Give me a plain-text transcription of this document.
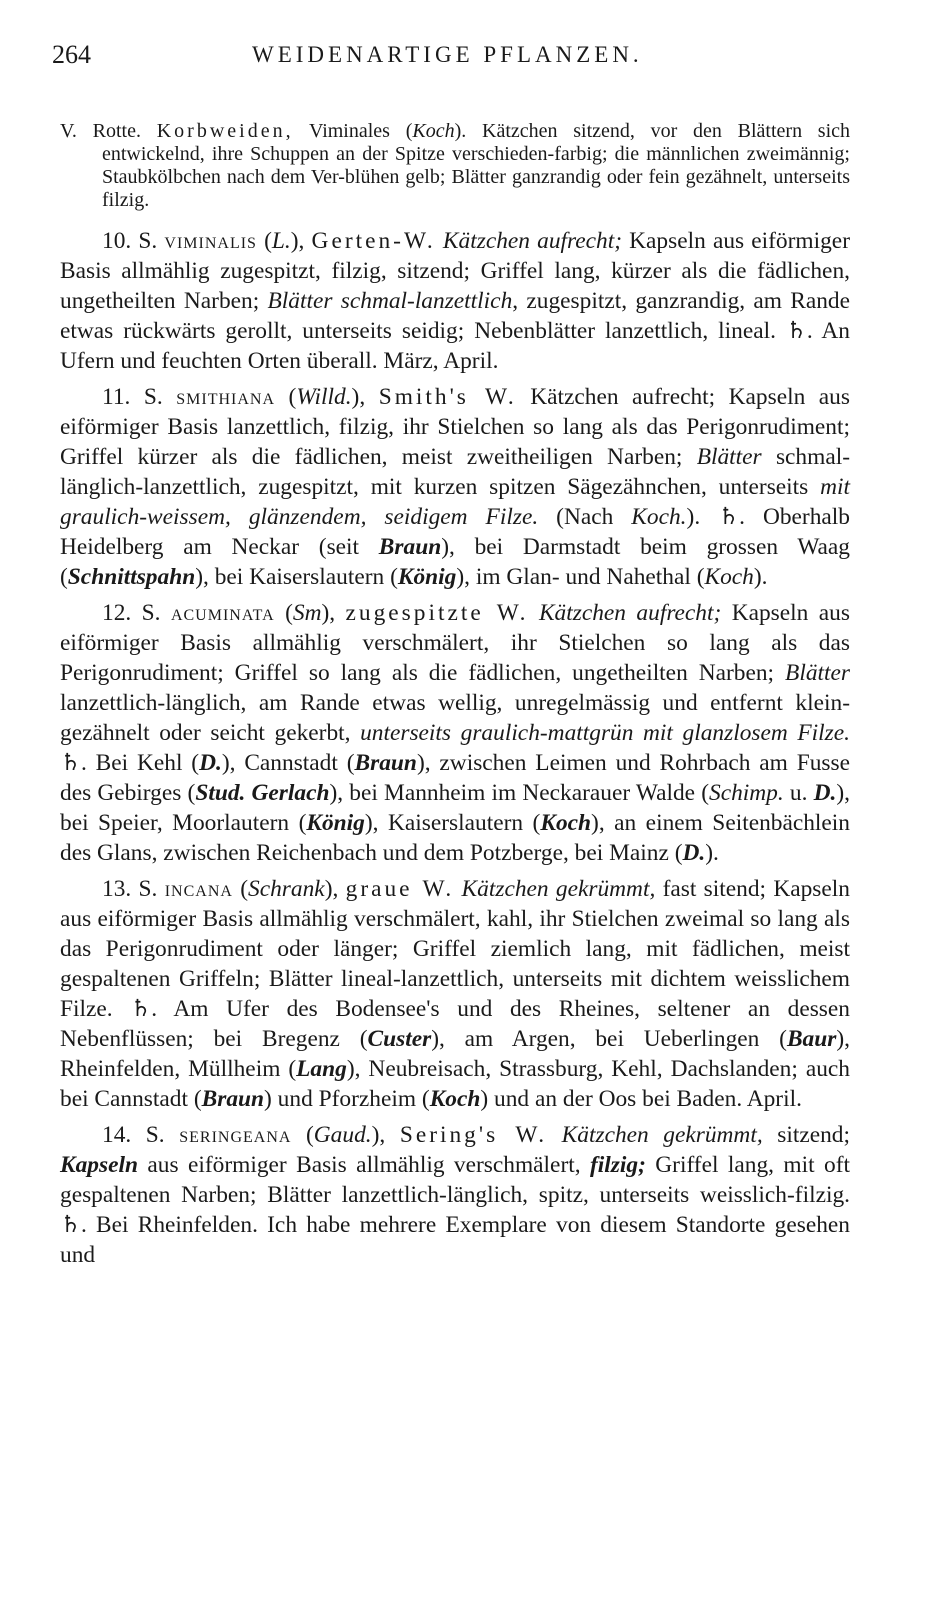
264	WEIDENARTIGE PFLANZEN.

V. Rotte. Korbweiden, Viminales (Koch). Kätzchen sitzend, vor den Blättern sich entwickelnd, ihre Schuppen an der Spitze verschieden-farbig; die männlichen zweimännig; Staubkölbchen nach dem Ver-blühen gelb; Blätter ganzrandig oder fein gezähnelt, unterseits filzig.

10. S. viminalis (L.), Gerten-W. Kätzchen aufrecht; Kapseln aus eiförmiger Basis allmählig zugespitzt, filzig, sitzend; Griffel lang, kürzer als die fädlichen, ungetheilten Narben; Blätter schmal-lanzettlich, zugespitzt, ganzrandig, am Rande etwas rückwärts gerollt, unterseits seidig; Nebenblätter lanzettlich, lineal. ♄. An Ufern und feuchten Orten überall. März, April.

11. S. smithiana (Willd.), Smith's W. Kätzchen aufrecht; Kapseln aus eiförmiger Basis lanzettlich, filzig, ihr Stielchen so lang als das Perigonrudiment; Griffel kürzer als die fädlichen, meist zweitheiligen Narben; Blätter schmal-länglich-lanzettlich, zugespitzt, mit kurzen spitzen Sägezähnchen, unterseits mit graulich-weissem, glänzendem, seidigem Filze. (Nach Koch.). ♄. Oberhalb Heidelberg am Neckar (seit Braun), bei Darmstadt beim grossen Waag (Schnittspahn), bei Kaiserslautern (König), im Glan- und Nahethal (Koch).

12. S. acuminata (Sm), zugespitzte W. Kätzchen aufrecht; Kapseln aus eiförmiger Basis allmählig verschmälert, ihr Stielchen so lang als das Perigonrudiment; Griffel so lang als die fädlichen, ungetheilten Narben; Blätter lanzettlich-länglich, am Rande etwas wellig, unregelmässig und entfernt klein-gezähnelt oder seicht gekerbt, unterseits graulich-mattgrün mit glanzlosem Filze. ♄. Bei Kehl (D.), Cannstadt (Braun), zwischen Leimen und Rohrbach am Fusse des Gebirges (Stud. Gerlach), bei Mannheim im Neckarauer Walde (Schimp. u. D.), bei Speier, Moorlautern (König), Kaiserslautern (Koch), an einem Seitenbächlein des Glans, zwischen Reichenbach und dem Potzberge, bei Mainz (D.).

13. S. incana (Schrank), graue W. Kätzchen gekrümmt, fast sitend; Kapseln aus eiförmiger Basis allmählig verschmälert, kahl, ihr Stielchen zweimal so lang als das Perigonrudiment oder länger; Griffel ziemlich lang, mit fädlichen, meist gespaltenen Griffeln; Blätter lineal-lanzettlich, unterseits mit dichtem weisslichem Filze. ♄. Am Ufer des Bodensee's und des Rheines, seltener an dessen Nebenflüssen; bei Bregenz (Custer), am Argen, bei Ueberlingen (Baur), Rheinfelden, Müllheim (Lang), Neubreisach, Strassburg, Kehl, Dachslanden; auch bei Cannstadt (Braun) und Pforzheim (Koch) und an der Oos bei Baden. April.

14. S. seringeana (Gaud.), Sering's W. Kätzchen gekrümmt, sitzend; Kapseln aus eiförmiger Basis allmählig verschmälert, filzig; Griffel lang, mit oft gespaltenen Narben; Blätter lanzettlich-länglich, spitz, unterseits weisslich-filzig. ♄. Bei Rheinfelden. Ich habe mehrere Exemplare von diesem Standorte gesehen und
